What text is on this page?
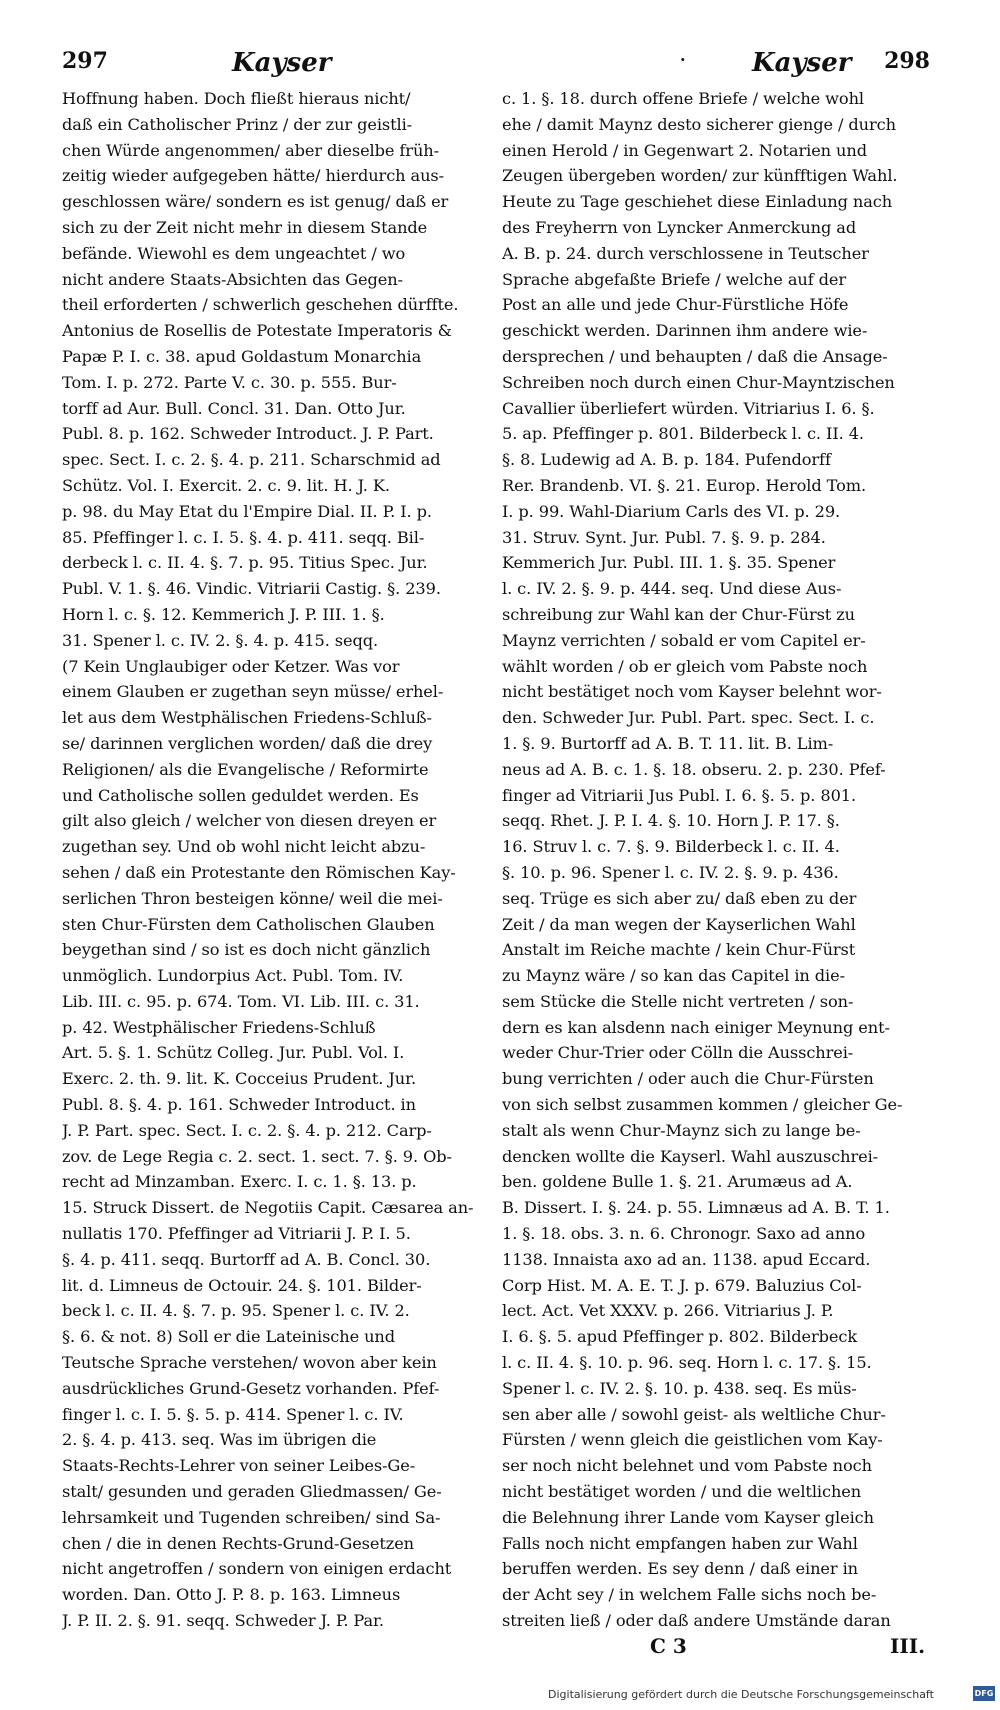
297	Kayser	·	Kayser 298
Hoffnung haben. Doch fließt hieraus nicht/
daß ein Catholischer Prinz / der zur geistli-
chen Würde angenommen/ aber dieselbe früh-
zeitig wieder aufgegeben hätte/ hierdurch aus-
geschlossen wäre/ sondern es ist genug/ daß er
sich zu der Zeit nicht mehr in diesem Stande
befände. Wiewohl es dem ungeachtet / wo
nicht andere Staats-Absichten das Gegen-
theil erforderten / schwerlich geschehen dürffte.
Antonius de Rosellis de Potestate Imperatoris &
Papæ P. I. c. 38. apud Goldastum Monarchia
Tom. I. p. 272. Parte V. c. 30. p. 555. Bur-
torff ad Aur. Bull. Concl. 31. Dan. Otto Jur.
Publ. 8. p. 162. Schweder Introduct. J. P. Part.
spec. Sect. I. c. 2. §. 4. p. 211. Scharschmid ad
Schütz. Vol. I. Exercit. 2. c. 9. lit. H. J. K.
p. 98. du May Etat du l'Empire Dial. II. P. I. p.
85. Pfeffinger l. c. I. 5. §. 4. p. 411. seqq. Bil-
derbeck l. c. II. 4. §. 7. p. 95. Titius Spec. Jur.
Publ. V. 1. §. 46. Vindic. Vitriarii Castig. §. 239.
Horn l. c. §. 12. Kemmerich J. P. III. 1. §.
31. Spener l. c. IV. 2. §. 4. p. 415. seqq.
(7 Kein Unglaubiger oder Ketzer. Was vor
einem Glauben er zugethan seyn müsse/ erhel-
let aus dem Westphälischen Friedens-Schluß-
se/ darinnen verglichen worden/ daß die drey
Religionen/ als die Evangelische / Reformirte
und Catholische sollen geduldet werden. Es
gilt also gleich / welcher von diesen dreyen er
zugethan sey. Und ob wohl nicht leicht abzu-
sehen / daß ein Protestante den Römischen Kay-
serlichen Thron besteigen könne/ weil die mei-
sten Chur-Fürsten dem Catholischen Glauben
beygethan sind / so ist es doch nicht gänzlich
unmöglich. Lundorpius Act. Publ. Tom. IV.
Lib. III. c. 95. p. 674. Tom. VI. Lib. III. c. 31.
p. 42. Westphälischer Friedens-Schluß
Art. 5. §. 1. Schütz Colleg. Jur. Publ. Vol. I.
Exerc. 2. th. 9. lit. K. Cocceius Prudent. Jur.
Publ. 8. §. 4. p. 161. Schweder Introduct. in
J. P. Part. spec. Sect. I. c. 2. §. 4. p. 212. Carp-
zov. de Lege Regia c. 2. sect. 1. sect. 7. §. 9. Ob-
recht ad Minzamban. Exerc. I. c. 1. §. 13. p.
15. Struck Dissert. de Negotiis Capit. Cæsarea an-
nullatis 170. Pfeffinger ad Vitriarii J. P. I. 5.
§. 4. p. 411. seqq. Burtorff ad A. B. Concl. 30.
lit. d. Limneus de Octouir. 24. §. 101. Bilder-
beck l. c. II. 4. §. 7. p. 95. Spener l. c. IV. 2.
§. 6. & not. 8) Soll er die Lateinische und
Teutsche Sprache verstehen/ wovon aber kein
ausdrückliches Grund-Gesetz vorhanden. Pfef-
finger l. c. I. 5. §. 5. p. 414. Spener l. c. IV.
2. §. 4. p. 413. seq. Was im übrigen die
Staats-Rechts-Lehrer von seiner Leibes-Ge-
stalt/ gesunden und geraden Gliedmassen/ Ge-
lehrsamkeit und Tugenden schreiben/ sind Sa-
chen / die in denen Rechts-Grund-Gesetzen
nicht angetroffen / sondern von einigen erdacht
worden. Dan. Otto J. P. 8. p. 163. Limneus
J. P. II. 2. §. 91. seqq. Schweder J. P. Par.
c. 1. §. 18. durch offene Briefe / welche wohl
ehe / damit Maynz desto sicherer gienge / durch
einen Herold / in Gegenwart 2. Notarien und
Zeugen übergeben worden/ zur künfftigen Wahl.
Heute zu Tage geschiehet diese Einladung nach
des Freyherrn von Lyncker Anmerckung ad
A. B. p. 24. durch verschlossene in Teutscher
Sprache abgefaßte Briefe / welche auf der
Post an alle und jede Chur-Fürstliche Höfe
geschickt werden. Darinnen ihm andere wie-
dersprechen / und behaupten / daß die Ansage-
Schreiben noch durch einen Chur-Mayntzischen
Cavallier überliefert würden. Vitriarius I. 6. §.
5. ap. Pfeffinger p. 801. Bilderbeck l. c. II. 4.
§. 8. Ludewig ad A. B. p. 184. Pufendorff
Rer. Brandenb. VI. §. 21. Europ. Herold Tom.
I. p. 99. Wahl-Diarium Carls des VI. p. 29.
31. Struv. Synt. Jur. Publ. 7. §. 9. p. 284.
Kemmerich Jur. Publ. III. 1. §. 35. Spener
l. c. IV. 2. §. 9. p. 444. seq. Und diese Aus-
schreibung zur Wahl kan der Chur-Fürst zu
Maynz verrichten / sobald er vom Capitel er-
wählt worden / ob er gleich vom Pabste noch
nicht bestätiget noch vom Kayser belehnt wor-
den. Schweder Jur. Publ. Part. spec. Sect. I. c.
1. §. 9. Burtorff ad A. B. T. 11. lit. B. Lim-
neus ad A. B. c. 1. §. 18. obseru. 2. p. 230. Pfef-
finger ad Vitriarii Jus Publ. I. 6. §. 5. p. 801.
seqq. Rhet. J. P. I. 4. §. 10. Horn J. P. 17. §.
16. Struv l. c. 7. §. 9. Bilderbeck l. c. II. 4.
§. 10. p. 96. Spener l. c. IV. 2. §. 9. p. 436.
seq. Trüge es sich aber zu/ daß eben zu der
Zeit / da man wegen der Kayserlichen Wahl
Anstalt im Reiche machte / kein Chur-Fürst
zu Maynz wäre / so kan das Capitel in die-
sem Stücke die Stelle nicht vertreten / son-
dern es kan alsdenn nach einiger Meynung ent-
weder Chur-Trier oder Cölln die Ausschrei-
bung verrichten / oder auch die Chur-Fürsten
von sich selbst zusammen kommen / gleicher Ge-
stalt als wenn Chur-Maynz sich zu lange be-
dencken wollte die Kayserl. Wahl auszuschrei-
ben. goldene Bulle 1. §. 21. Arumæus ad A.
B. Dissert. I. §. 24. p. 55. Limnæus ad A. B. T. 1.
1. §. 18. obs. 3. n. 6. Chronogr. Saxo ad anno
1138. Innaista axo ad an. 1138. apud Eccard.
Corp Hist. M. A. E. T. J. p. 679. Baluzius Col-
lect. Act. Vet XXXV. p. 266. Vitriarius J. P.
I. 6. §. 5. apud Pfeffinger p. 802. Bilderbeck
l. c. II. 4. §. 10. p. 96. seq. Horn l. c. 17. §. 15.
Spener l. c. IV. 2. §. 10. p. 438. seq. Es müs-
sen aber alle / sowohl geist- als weltliche Chur-
Fürsten / wenn gleich die geistlichen vom Kay-
ser noch nicht belehnet und vom Pabste noch
nicht bestätiget worden / und die weltlichen
die Belehnung ihrer Lande vom Kayser gleich
Falls noch nicht empfangen haben zur Wahl
beruffen werden. Es sey denn / daß einer in
der Acht sey / in welchem Falle sichs noch be-
streiten ließ / oder daß andere Umstände daran
C 3	III.
Digitalisierung gefördert durch die Deutsche Forschungsgemeinschaft	DFG
